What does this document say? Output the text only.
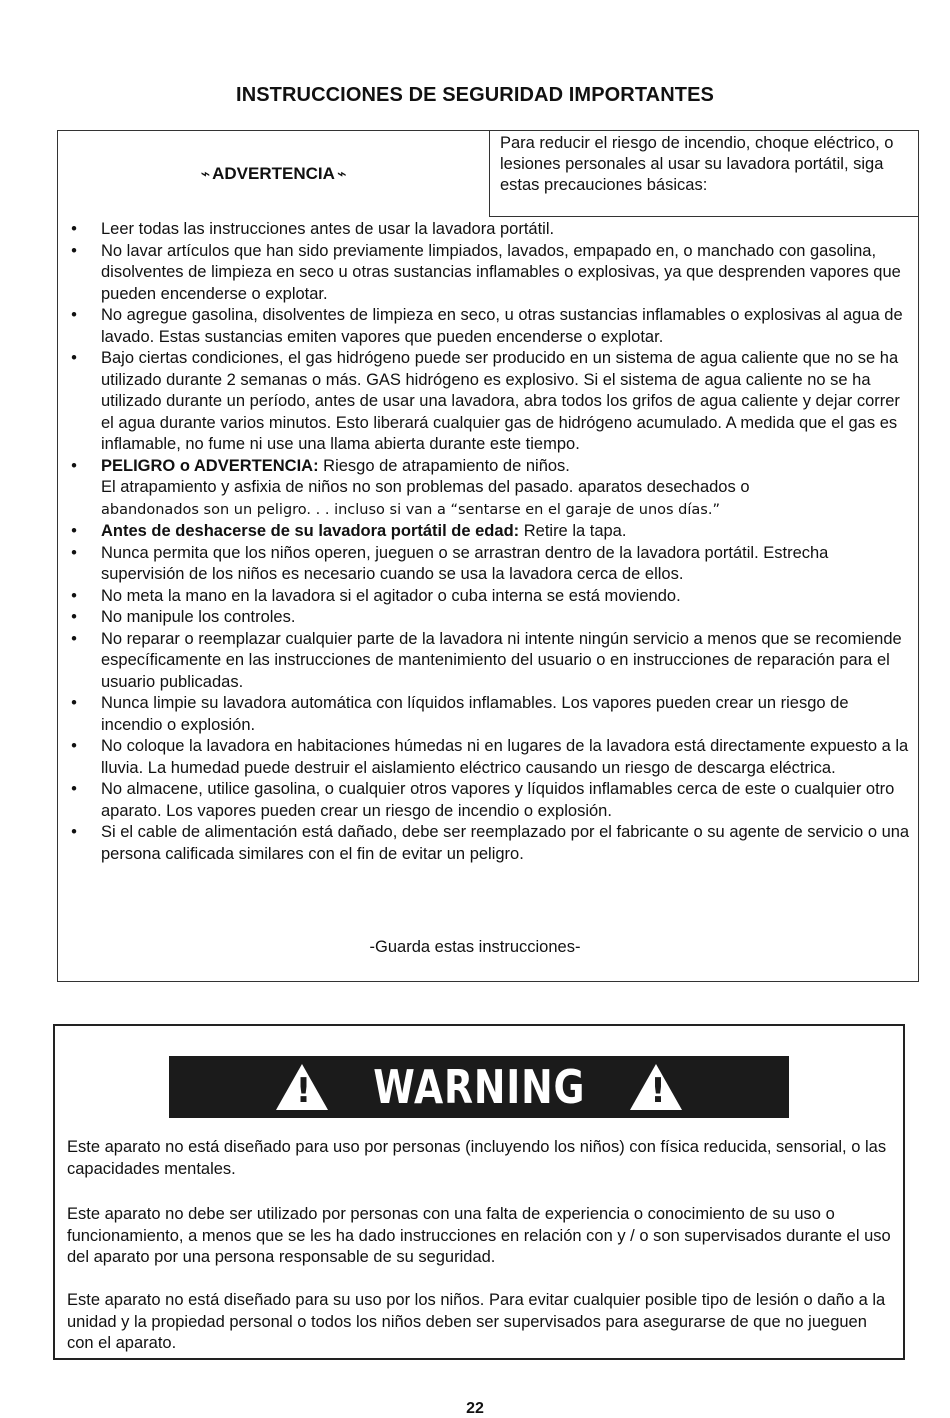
INSTRUCCIONES DE SEGURIDAD IMPORTANTES
⌁ ADVERTENCIA ⌁
Para reducir el riesgo de incendio, choque eléctrico, o lesiones personales al usar su lavadora portátil, siga estas precauciones básicas:
• Leer todas las instrucciones antes de usar la lavadora portátil.
• No lavar artículos que han sido previamente limpiados, lavados, empapado en, o manchado con gasolina, disolventes de limpieza en seco u otras sustancias inflamables o explosivas, ya que desprenden vapores que pueden encenderse o explotar.
• No agregue gasolina, disolventes de limpieza en seco, u otras sustancias inflamables o explosivas al agua de lavado. Estas sustancias emiten vapores que pueden encenderse o explotar.
• Bajo ciertas condiciones, el gas hidrógeno puede ser producido en un sistema de agua caliente que no se ha utilizado durante 2 semanas o más. GAS hidrógeno es explosivo. Si el sistema de agua caliente no se ha utilizado durante un período, antes de usar una lavadora, abra todos los grifos de agua caliente y dejar correr el agua durante varios minutos. Esto liberará cualquier gas de hidrógeno acumulado. A medida que el gas es inflamable, no fume ni use una llama abierta durante este tiempo.
• PELIGRO o ADVERTENCIA: Riesgo de atrapamiento de niños.
El atrapamiento y asfixia de niños no son problemas del pasado. aparatos desechados o
abandonados son un peligro. . . incluso si van a “sentarse en el garaje de unos días.”
• Antes de deshacerse de su lavadora portátil de edad: Retire la tapa.
• Nunca permita que los niños operen, jueguen o se arrastran dentro de la lavadora portátil. Estrecha supervisión de los niños es necesario cuando se usa la lavadora cerca de ellos.
• No meta la mano en la lavadora si el agitador o cuba interna se está moviendo.
• No manipule los controles.
• No reparar o reemplazar cualquier parte de la lavadora ni intente ningún servicio a menos que se recomiende específicamente en las instrucciones de mantenimiento del usuario o en instrucciones de reparación para el usuario publicadas.
• Nunca limpie su lavadora automática con líquidos inflamables. Los vapores pueden crear un riesgo de incendio o explosión.
• No coloque la lavadora en habitaciones húmedas ni en lugares de la lavadora está directamente expuesto a la lluvia. La humedad puede destruir el aislamiento eléctrico causando un riesgo de descarga eléctrica.
• No almacene, utilice gasolina, o cualquier otros vapores y líquidos inflamables cerca de este o cualquier otro aparato. Los vapores pueden crear un riesgo de incendio o explosión.
• Si el cable de alimentación está dañado, debe ser reemplazado por el fabricante o su agente de servicio o una persona calificada similares con el fin de evitar un peligro.
-Guarda estas instrucciones-
!
WARNING
!
Este aparato no está diseñado para uso por personas (incluyendo los niños) con física reducida, sensorial, o las capacidades mentales.
Este aparato no debe ser utilizado por personas con una falta de experiencia o conocimiento de su uso o funcionamiento, a menos que se les ha dado instrucciones en relación con y / o son supervisados durante el uso del aparato por una persona responsable de su seguridad.
Este aparato no está diseñado para su uso por los niños. Para evitar cualquier posible tipo de lesión o daño a la unidad y la propiedad personal o todos los niños deben ser supervisados para asegurarse de que no jueguen con el aparato.
22
